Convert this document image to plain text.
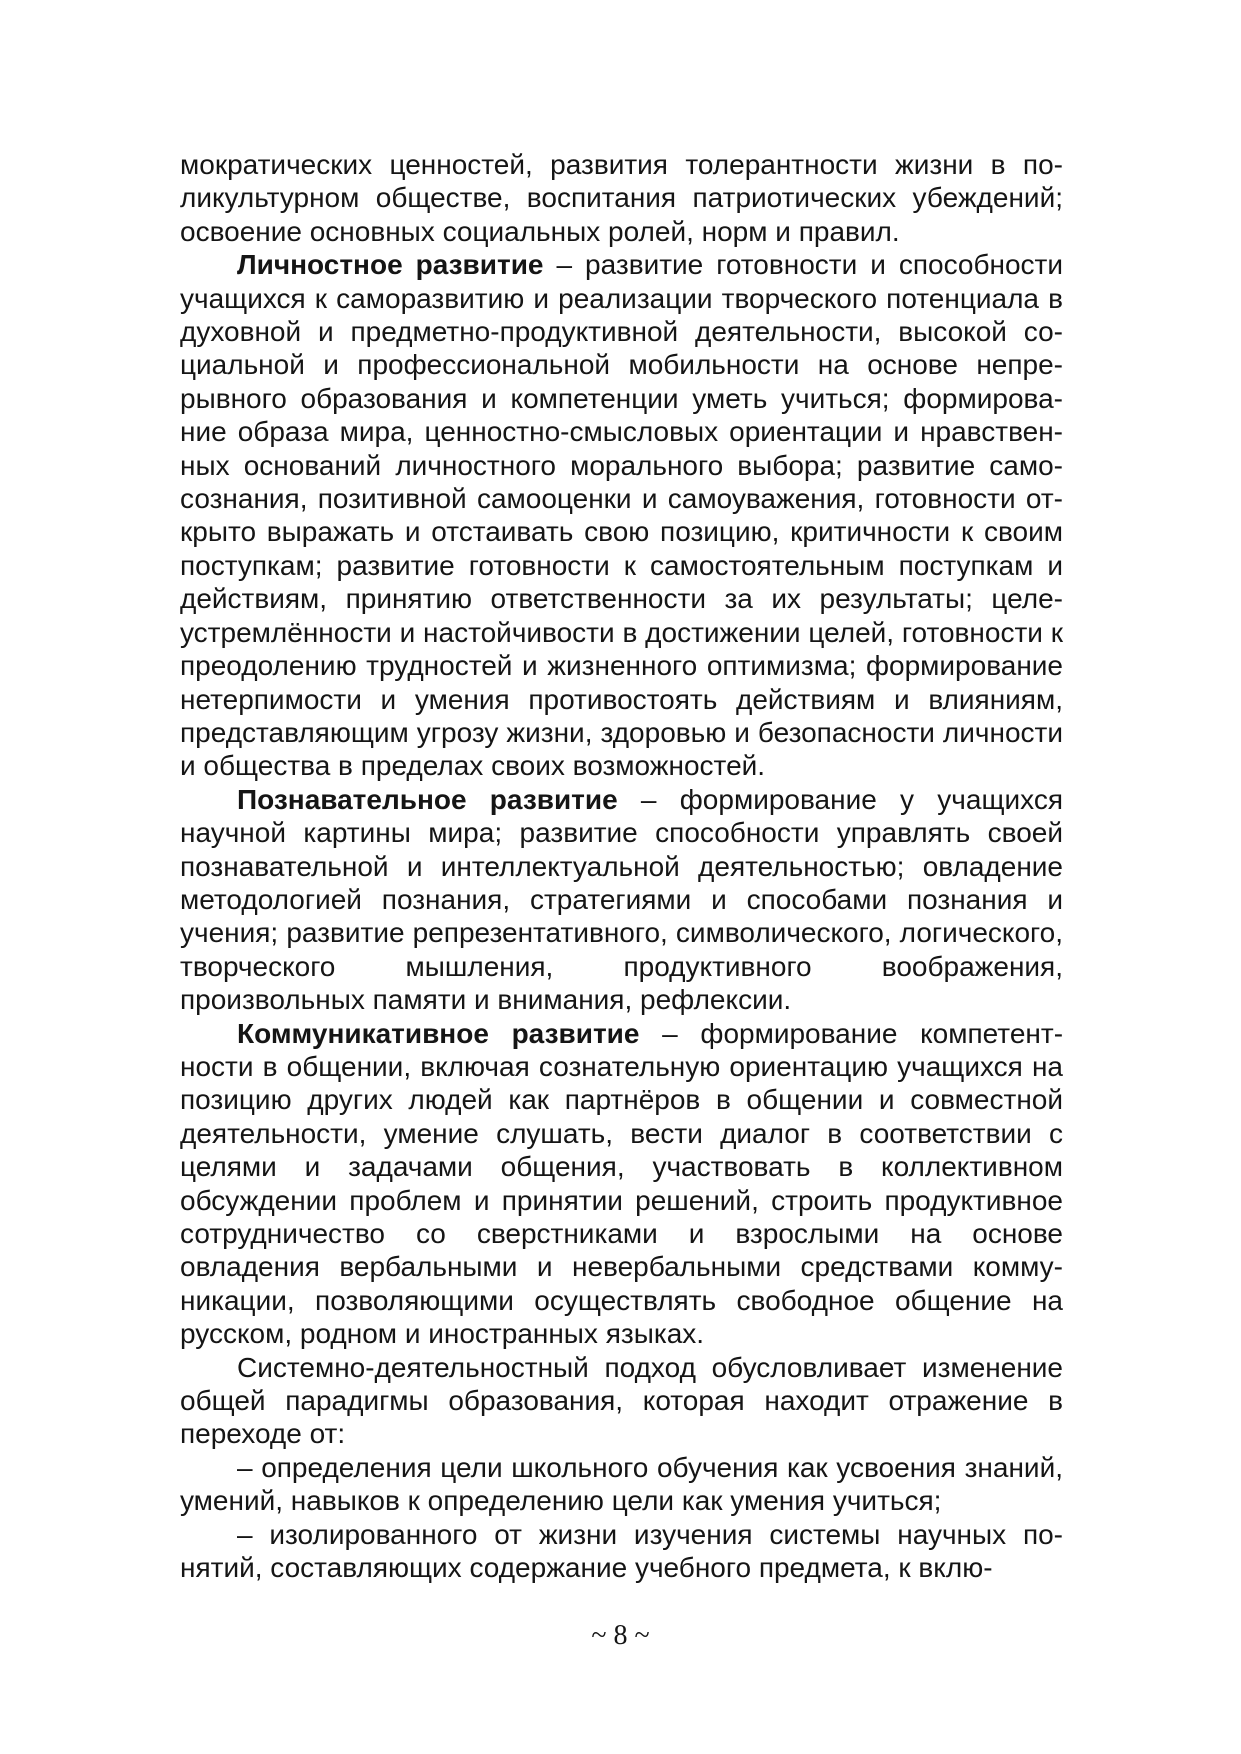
мократических ценностей, развития толерантности жизни в поликультурном обществе, воспитания патриотических убеждений; освоение основных социальных ролей, норм и правил.

Личностное развитие – развитие готовности и способности учащихся к саморазвитию и реализации творческого потенциала в духовной и предметно-продуктивной деятельности, высокой социальной и профессиональной мобильности на основе непрерывного образования и компетенции уметь учиться; формирование образа мира, ценностно-смысловых ориентации и нравственных оснований личностного морального выбора; развитие самосознания, позитивной самооценки и самоуважения, готовности открыто выражать и отстаивать свою позицию, критичности к своим поступкам; развитие готовности к самостоятельным поступкам и действиям, принятию ответственности за их результаты; целеустремлённости и настойчивости в достижении целей, готовности к преодолению трудностей и жизненного оптимизма; формирование нетерпимости и умения противостоять действиям и влияниям, представляющим угрозу жизни, здоровью и безопасности личности и общества в пределах своих возможностей.

Познавательное развитие – формирование у учащихся научной картины мира; развитие способности управлять своей познавательной и интеллектуальной деятельностью; овладение методологией познания, стратегиями и способами познания и учения; развитие репрезентативного, символического, логического, творческого мышления, продуктивного воображения, произвольных памяти и внимания, рефлексии.

Коммуникативное развитие – формирование компетентности в общении, включая сознательную ориентацию учащихся на позицию других людей как партнёров в общении и совместной деятельности, умение слушать, вести диалог в соответствии с целями и задачами общения, участвовать в коллективном обсуждении проблем и принятии решений, строить продуктивное сотрудничество со сверстниками и взрослыми на основе овладения вербальными и невербальными средствами коммуникации, позволяющими осуществлять свободное общение на русском, родном и иностранных языках.

Системно-деятельностный подход обусловливает изменение общей парадигмы образования, которая находит отражение в переходе от:

– определения цели школьного обучения как усвоения знаний, умений, навыков к определению цели как умения учиться;

– изолированного от жизни изучения системы научных понятий, составляющих содержание учебного предмета, к вклю-

~ 8 ~
